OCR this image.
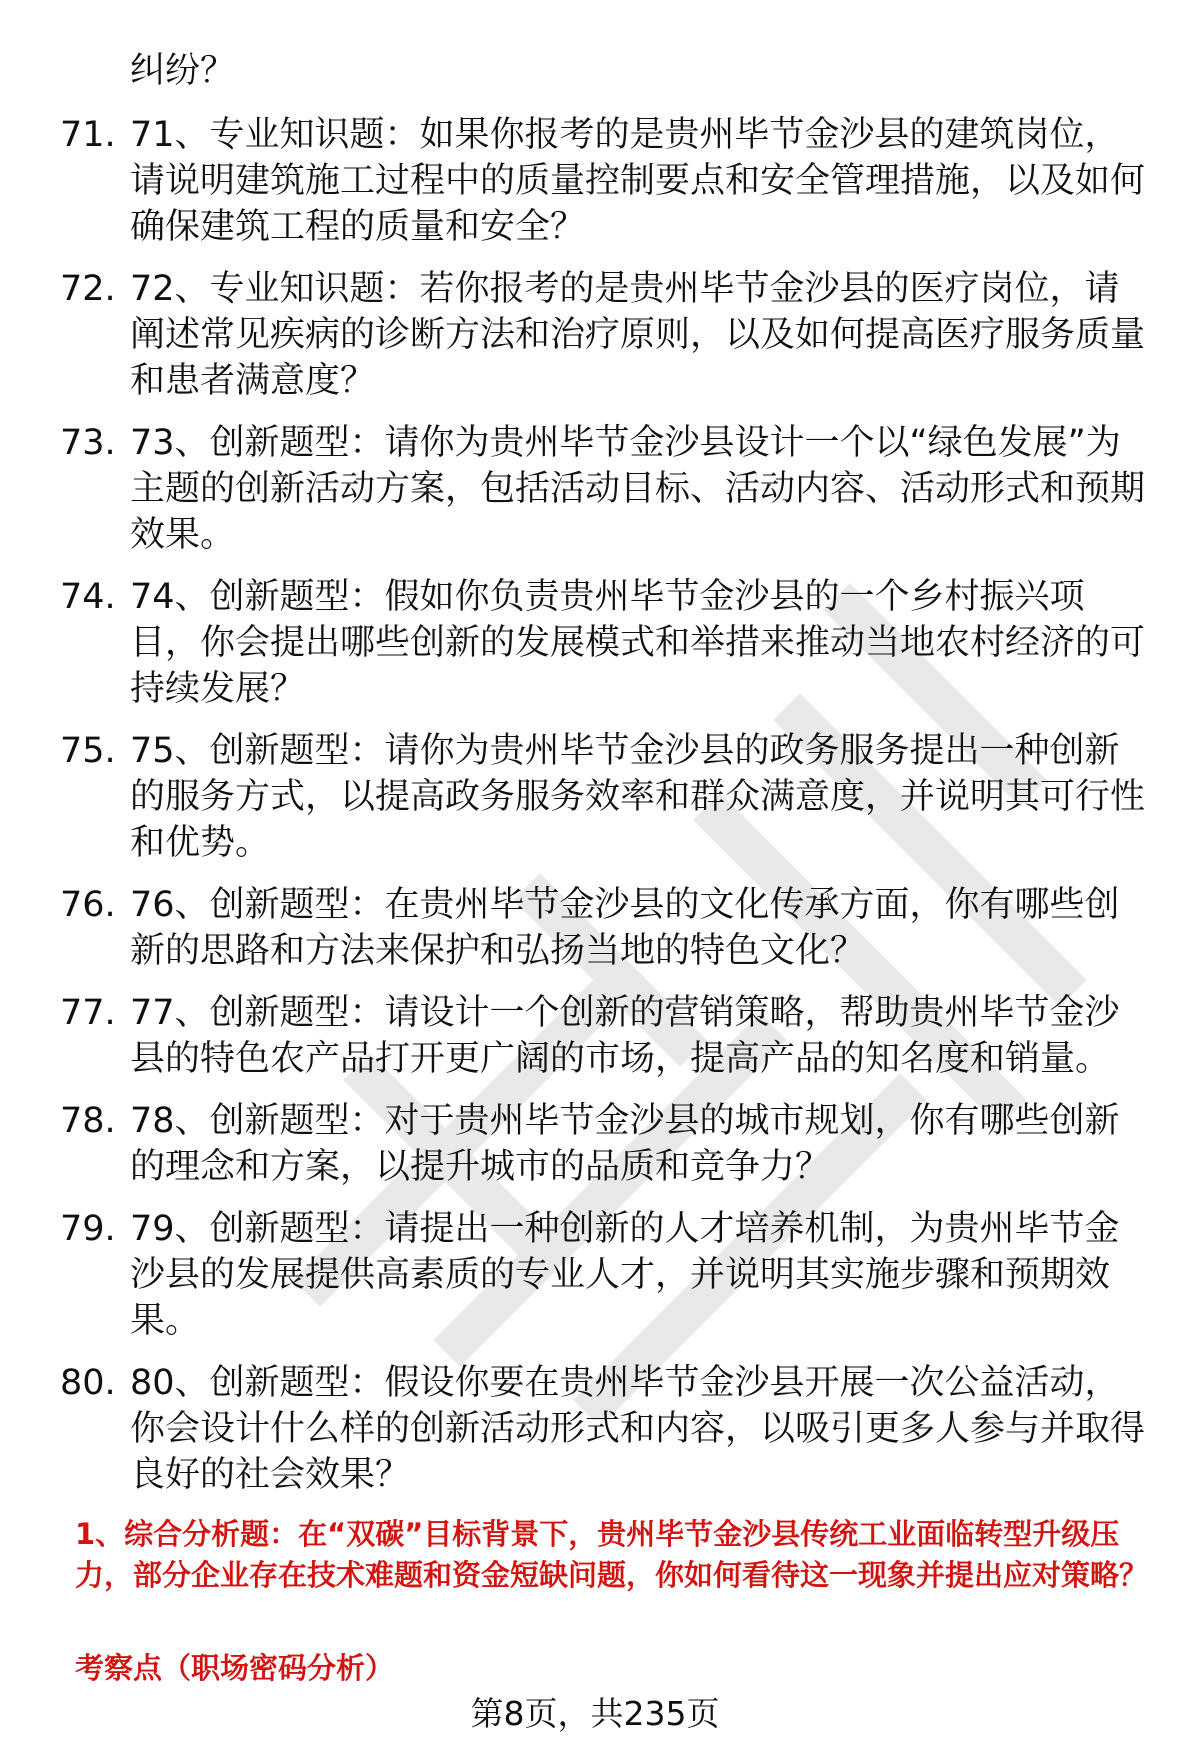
纠纷？

71. 71、专业知识题：如果你报考的是贵州毕节金沙县的建筑岗位，请说明建筑施工过程中的质量控制要点和安全管理措施，以及如何确保建筑工程的质量和安全？
72. 72、专业知识题：若你报考的是贵州毕节金沙县的医疗岗位，请阐述常见疾病的诊断方法和治疗原则，以及如何提高医疗服务质量和患者满意度？
73. 73、创新题型：请你为贵州毕节金沙县设计一个以“绿色发展”为主题的创新活动方案，包括活动目标、活动内容、活动形式和预期效果。
74. 74、创新题型：假如你负责贵州毕节金沙县的一个乡村振兴项目，你会提出哪些创新的发展模式和举措来推动当地农村经济的可持续发展？
75. 75、创新题型：请你为贵州毕节金沙县的政务服务提出一种创新的服务方式，以提高政务服务效率和群众满意度，并说明其可行性和优势。
76. 76、创新题型：在贵州毕节金沙县的文化传承方面，你有哪些创新的思路和方法来保护和弘扬当地的特色文化？
77. 77、创新题型：请设计一个创新的营销策略，帮助贵州毕节金沙县的特色农产品打开更广阔的市场，提高产品的知名度和销量。
78. 78、创新题型：对于贵州毕节金沙县的城市规划，你有哪些创新的理念和方案，以提升城市的品质和竞争力？
79. 79、创新题型：请提出一种创新的人才培养机制，为贵州毕节金沙县的发展提供高素质的专业人才，并说明其实施步骤和预期效果。
80. 80、创新题型：假设你要在贵州毕节金沙县开展一次公益活动，你会设计什么样的创新活动形式和内容，以吸引更多人参与并取得良好的社会效果？

1、综合分析题：在“双碳”目标背景下，贵州毕节金沙县传统工业面临转型升级压力，部分企业存在技术难题和资金短缺问题，你如何看待这一现象并提出应对策略？

考察点（职场密码分析）

第8页，共235页
